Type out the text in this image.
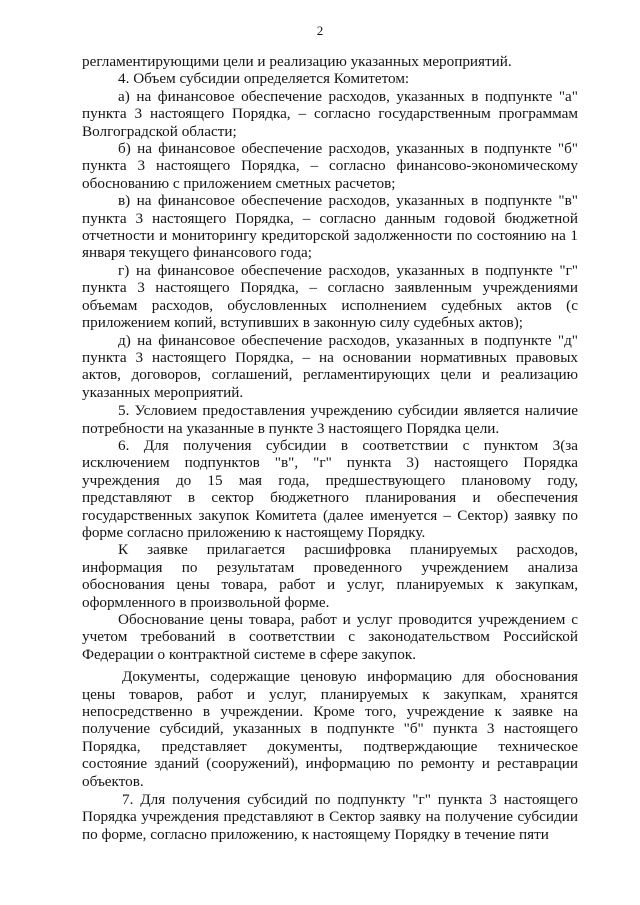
2

регламентирующими цели и реализацию указанных мероприятий.

4. Объем субсидии определяется Комитетом:

а) на финансовое обеспечение расходов, указанных в подпункте "а" пункта 3 настоящего Порядка, – согласно государственным программам Волгоградской области;

б) на финансовое обеспечение расходов, указанных в подпункте "б" пункта 3 настоящего Порядка, – согласно финансово-экономическому обоснованию с приложением сметных расчетов;

в) на финансовое обеспечение расходов, указанных в подпункте "в" пункта 3 настоящего Порядка, – согласно данным годовой бюджетной отчетности и мониторингу кредиторской задолженности по состоянию на 1 января текущего финансового года;

г) на финансовое обеспечение расходов, указанных в подпункте "г" пункта 3 настоящего Порядка, – согласно заявленным учреждениями объемам расходов, обусловленных исполнением судебных актов (с приложением копий, вступивших в законную силу судебных актов);

д) на финансовое обеспечение расходов, указанных в подпункте "д" пункта 3 настоящего Порядка, – на основании нормативных правовых актов, договоров, соглашений, регламентирующих цели и реализацию указанных мероприятий.

5. Условием предоставления учреждению субсидии является наличие потребности на указанные в пункте 3 настоящего Порядка цели.

6. Для получения субсидии в соответствии с пунктом 3(за исключением подпунктов "в", "г" пункта 3) настоящего Порядка учреждения до 15 мая года, предшествующего плановому году, представляют в сектор бюджетного планирования и обеспечения государственных закупок Комитета (далее именуется – Сектор) заявку по форме согласно приложению к настоящему Порядку.

К заявке прилагается расшифровка планируемых расходов, информация по результатам проведенного учреждением анализа обоснования цены товара, работ и услуг, планируемых к закупкам, оформленного в произвольной форме.

Обоснование цены товара, работ и услуг проводится учреждением с учетом требований в соответствии с законодательством Российской Федерации о контрактной системе в сфере закупок.

Документы, содержащие ценовую информацию для обоснования цены товаров, работ и услуг, планируемых к закупкам, хранятся непосредственно в учреждении. Кроме того, учреждение к заявке на получение субсидий, указанных в подпункте "б" пункта 3 настоящего Порядка, представляет документы, подтверждающие техническое состояние зданий (сооружений), информацию по ремонту и реставрации объектов.

7. Для получения субсидий по подпункту "г" пункта 3 настоящего Порядка учреждения представляют в Сектор заявку на получение субсидии по форме, согласно приложению, к настоящему Порядку в течение пяти
